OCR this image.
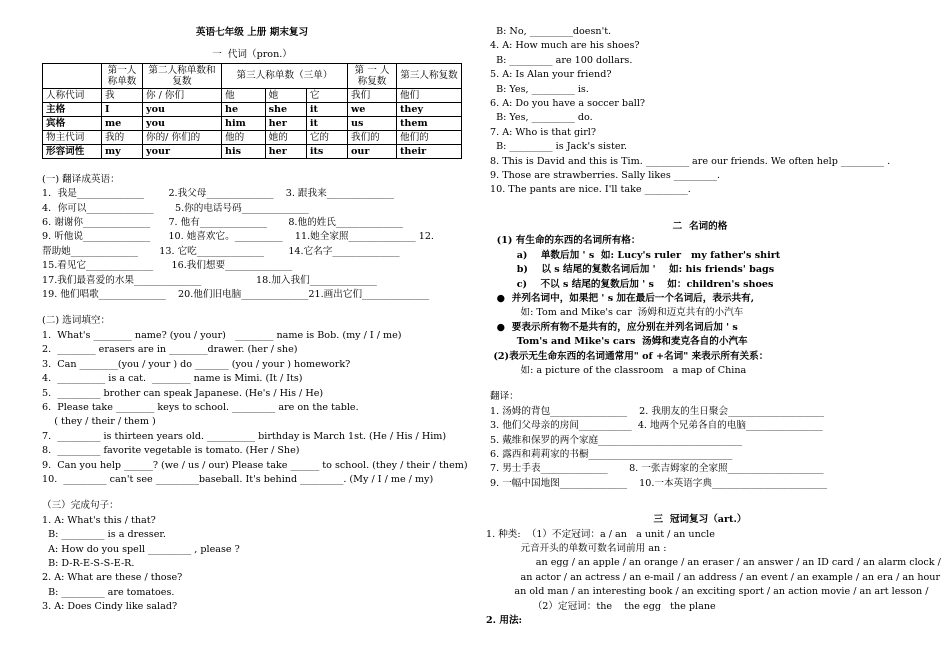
英语七年级 上册 期末复习
一  代词（pron.）
	第一人称单数	第二人称单数和复数	第三人称单数（三单）			第 一 人称复数	第三人称复数
人称代词	我	你 / 你们	他	她	它	我们	他们
主格	I	you	he	she	it	we	they
宾格	me	you	him	her	it	us	them
物主代词	我的	你的/ 你们的	他的	她的	它的	我们的	他们的
形容词性	my	your	his	her	its	our	their
(一) 翻译成英语：
1．我是______________        2.我父母______________    3. 跟我来______________
4．你可以______________       5.你的电话号码______________
6. 谢谢你______________      7. 他有______________       8.他的姓氏______________
9. 听他说______________      10. 她喜欢它。__________    11.她全家照______________ 12.
帮助她______________       13. 它吃______________        14.它名字______________
15.看见它______________      16.我们想要______________
17.我们最喜爱的水果______________                  18.加入我们______________
19. 他们唱歌______________    20.他们旧电脑______________21.画出它们______________
(二) 选词填空：
1.  What's ________ name? (you / your)   ________ name is Bob. (my / I / me)
2.  ________ erasers are in ________drawer. (her / she)
3.  Can ________(you / your ) do _______ (you / your ) homework?
4.  __________ is a cat.  ________ name is Mimi. (It / Its)
5.  _________ brother can speak Japanese. (He's / His / He)
6.  Please take ________ keys to school. _________ are on the table.
( they / their / them )
7.  _________ is thirteen years old. __________ birthday is March 1st. (He / His / Him)
8.  _________ favorite vegetable is tomato. (Her / She)
9.  Can you help ______? (we / us / our) Please take ______ to school. (they / their / them)
10.  _________ can't see _________baseball. It's behind _________. (My / I / me / my)
（三）完成句子：
1. A: What's this / that?
B: _________ is a dresser.
A: How do you spell _________ , please ?
B: D-R-E-S-S-E-R.
2. A: What are these / those?
B: _________ are tomatoes.
3. A: Does Cindy like salad?
B: No, _________doesn't.
4. A: How much are his shoes?
B: _________ are 100 dollars.
5. A: Is Alan your friend?
B: Yes, _________ is.
6. A: Do you have a soccer ball?
B: Yes, _________ do.
7. A: Who is that girl?
B: _________ is Jack's sister.
8. This is David and this is Tim. _________ are our friends. We often help _________ .
9. Those are strawberries. Sally likes _________.
10. The pants are nice. I'll take _________.
二  名词的格
(1) 有生命的东西的名词所有格：
a)    单数后加 ' s  如: Lucy's ruler   my father's shirt
b)    以 s 结尾的复数名词后加 '    如: his friends' bags
c)    不以 s 结尾的复数后加 ' s    如：children's shoes
●  并列名词中，如果把 ' s 加在最后一个名词后，表示共有,
如: Tom and Mike's car  汤姆和迈克共有的小汽车
●  要表示所有物不是共有的，应分别在并列名词后加 ' s
Tom's and Mike's cars  汤姆和麦克各自的小汽车
(2)表示无生命东西的名词通常用" of +名词" 来表示所有关系：
如: a picture of the classroom   a map of China
翻译：
1. 汤姆的背包________________    2. 我朋友的生日聚会____________________
3. 他们父母亲的房间___________  4. 地两个兄弟各自的电脑________________
5. 戴维和保罗的两个家庭______________________________
6. 露西和莉莉家的书橱______________________________
7. 男士手表______________       8. 一张吉姆家的全家照____________________
9. 一幅中国地图______________    10.一本英语字典________________________
三  冠词复习（art.）
1. 种类:  （1）不定冠词：a / an   a unit / an uncle
元音开头的单数可数名词前用 an :
an egg / an apple / an orange / an eraser / an answer / an ID card / an alarm clock /
an actor / an actress / an e-mail / an address / an event / an example / an era / an hour
an old man / an interesting book / an exciting sport / an action movie / an art lesson /
（2）定冠词：the    the egg   the plane
2. 用法:
